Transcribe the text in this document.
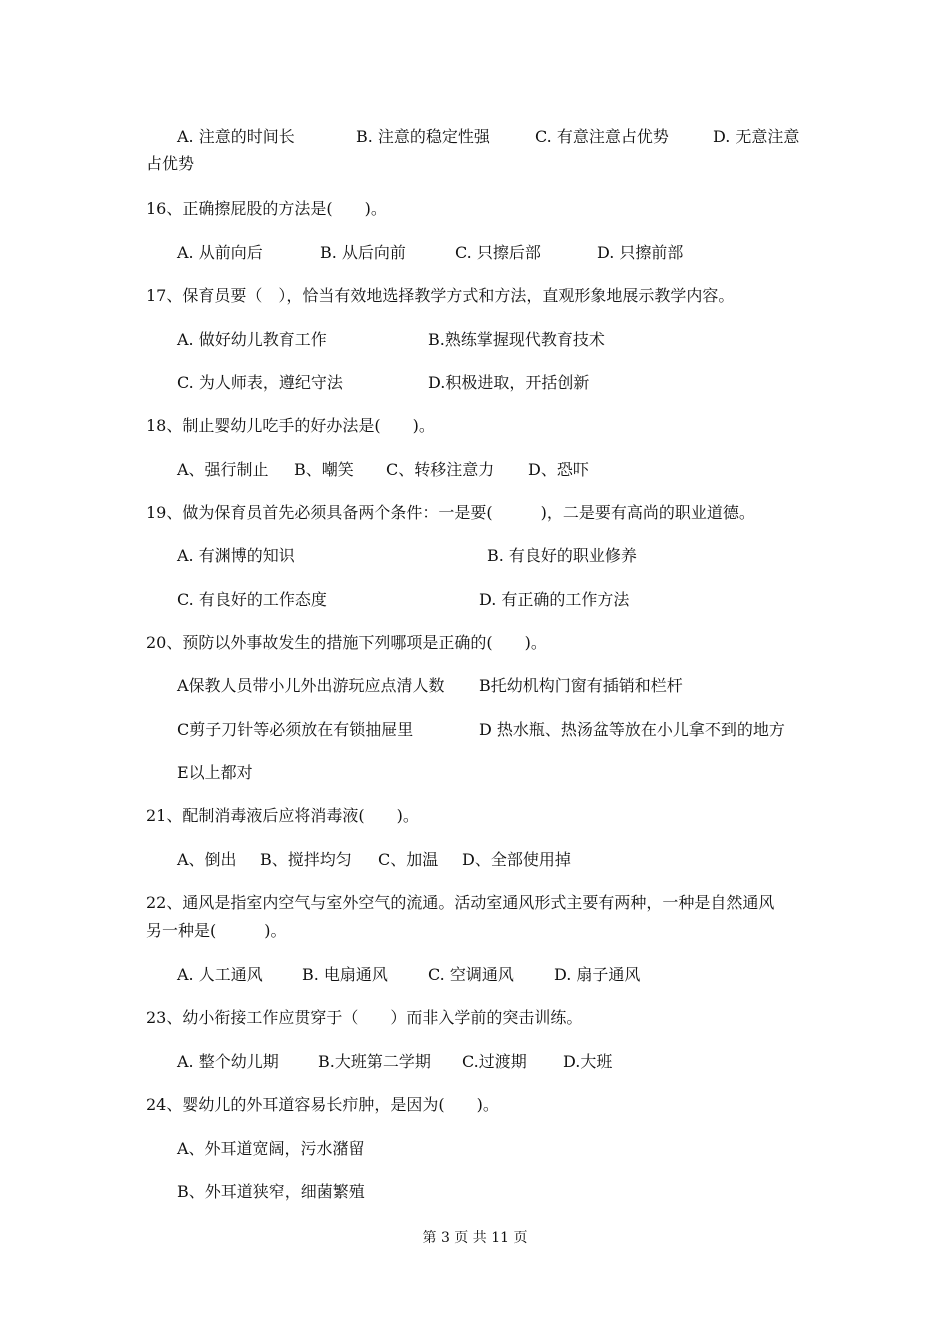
A. 注意的时间长	B. 注意的稳定性强	C. 有意注意占优势	D. 无意注意
占优势
16、正确擦屁股的方法是(　　)。
A. 从前向后	B. 从后向前	C. 只擦后部	D. 只擦前部
17、保育员要（　），恰当有效地选择教学方式和方法，直观形象地展示教学内容。
A. 做好幼儿教育工作	B.熟练掌握现代教育技术
C. 为人师表，遵纪守法	D.积极进取，开括创新
18、制止婴幼儿吃手的好办法是(　　)。
A、强行制止 B、嘲笑 C、转移注意力 D、恐吓
19、做为保育员首先必须具备两个条件：一是要(　　　)，二是要有高尚的职业道德。
A. 有渊博的知识	B. 有良好的职业修养
C. 有良好的工作态度	D. 有正确的工作方法
20、预防以外事故发生的措施下列哪项是正确的(　　)。
A保教人员带小儿外出游玩应点清人数 B托幼机构门窗有插销和栏杆
C剪子刀针等必须放在有锁抽屉里	D 热水瓶、热汤盆等放在小儿拿不到的地方
E以上都对
21、配制消毒液后应将消毒液(　　)。
A、倒出 B、搅拌均匀 C、加温 D、全部使用掉
22、通风是指室内空气与室外空气的流通。活动室通风形式主要有两种，一种是自然通风
另一种是(　　　)。
A. 人工通风 B. 电扇通风	C. 空调通风	D. 扇子通风
23、幼小衔接工作应贯穿于（　　）而非入学前的突击训练。
A. 整个幼儿期 B.大班第二学期 C.过渡期 D.大班
24、婴幼儿的外耳道容易长疖肿，是因为(　　)。
A、外耳道宽阔，污水潴留
B、外耳道狭窄，细菌繁殖
第 3 页 共 11 页
